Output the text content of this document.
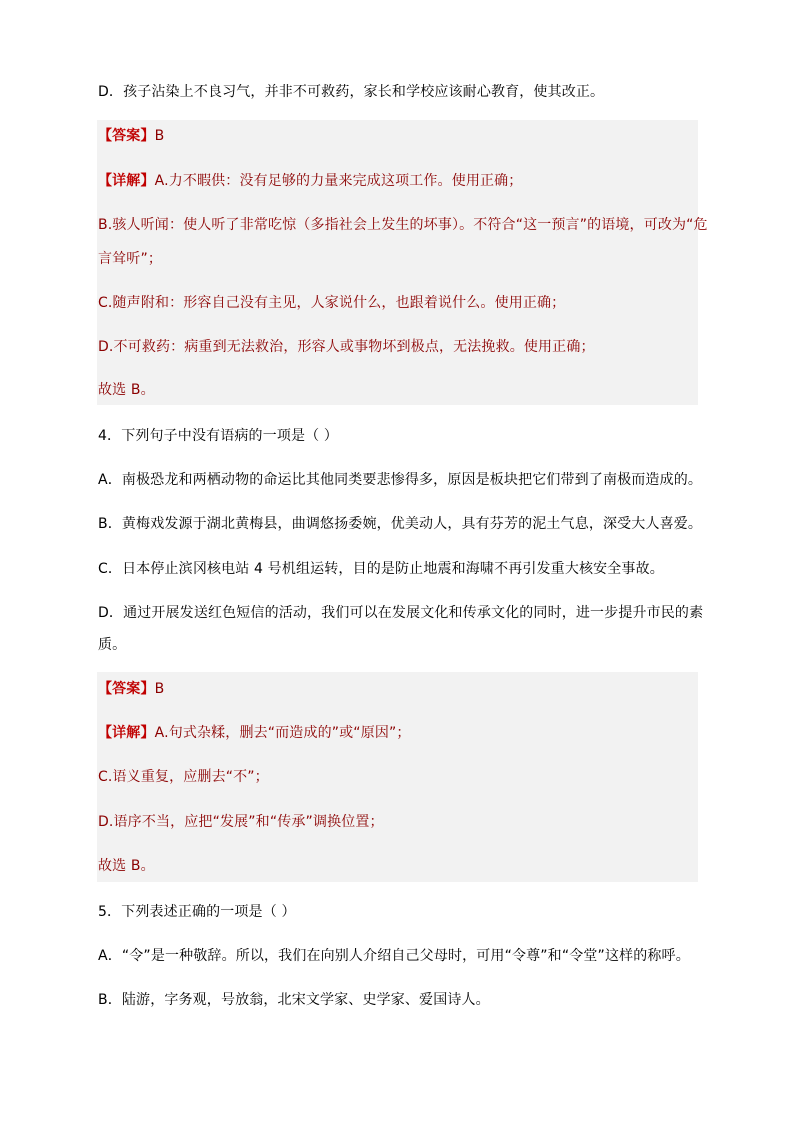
D．孩子沾染上不良习气，并非不可救药，家长和学校应该耐心教育，使其改正。
【答案】B
【详解】A.力不暇供：没有足够的力量来完成这项工作。使用正确；
B.骇人听闻：使人听了非常吃惊（多指社会上发生的坏事）。不符合“这一预言”的语境，可改为“危
言耸听”；
C.随声附和：形容自己没有主见，人家说什么，也跟着说什么。使用正确；
D.不可救药：病重到无法救治，形容人或事物坏到极点，无法挽救。使用正确；
故选 B。
4．下列句子中没有语病的一项是（ ）
A．南极恐龙和两栖动物的命运比其他同类要悲惨得多，原因是板块把它们带到了南极而造成的。
B．黄梅戏发源于湖北黄梅县，曲调悠扬委婉，优美动人，具有芬芳的泥土气息，深受大人喜爱。
C．日本停止滨冈核电站 4 号机组运转，目的是防止地震和海啸不再引发重大核安全事故。
D．通过开展发送红色短信的活动，我们可以在发展文化和传承文化的同时，进一步提升市民的素
质。
【答案】B
【详解】A.句式杂糅，删去“而造成的”或“原因”；
C.语义重复，应删去“不”；
D.语序不当，应把“发展”和“传承”调换位置；
故选 B。
5．下列表述正确的一项是（ ）
A．“令”是一种敬辞。所以，我们在向别人介绍自己父母时，可用“令尊”和“令堂”这样的称呼。
B．陆游，字务观，号放翁，北宋文学家、史学家、爱国诗人。
